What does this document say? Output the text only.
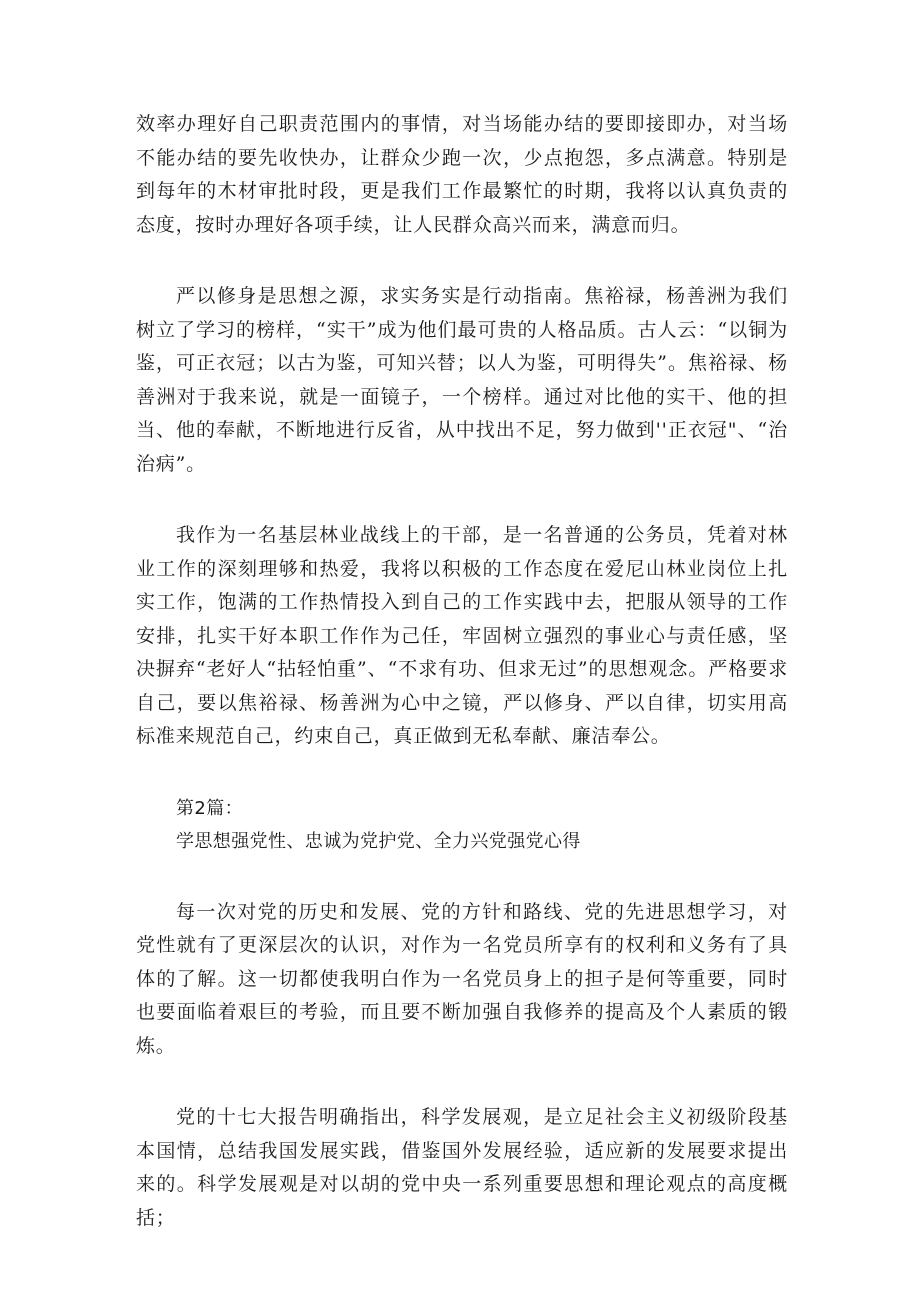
效率办理好自己职责范围内的事情，对当场能办结的要即接即办，对当场不能办结的要先收快办，让群众少跑一次，少点抱怨，多点满意。特别是到每年的木材审批时段，更是我们工作最繁忙的时期，我将以认真负责的态度，按时办理好各项手续，让人民群众高兴而来，满意而归。

严以修身是思想之源，求实务实是行动指南。焦裕禄，杨善洲为我们树立了学习的榜样，“实干”成为他们最可贵的人格品质。古人云：“以铜为鉴，可正衣冠；以古为鉴，可知兴替；以人为鉴，可明得失”。焦裕禄、杨善洲对于我来说，就是一面镜子，一个榜样。通过对比他的实干、他的担当、他的奉献，不断地进行反省，从中找出不足，努力做到''正衣冠"、“治治病”。

我作为一名基层林业战线上的干部，是一名普通的公务员，凭着对林业工作的深刻理够和热爱，我将以积极的工作态度在爱尼山林业岗位上扎实工作，饱满的工作热情投入到自己的工作实践中去，把服从领导的工作安排，扎实干好本职工作作为己任，牢固树立强烈的事业心与责任感，坚决摒弃“老好人“拈轻怕重”、“不求有功、但求无过”的思想观念。严格要求自己，要以焦裕禄、杨善洲为心中之镜，严以修身、严以自律，切实用高标准来规范自己，约束自己，真正做到无私奉献、廉洁奉公。

第2篇：
学思想强党性、忠诚为党护党、全力兴党强党心得

每一次对党的历史和发展、党的方针和路线、党的先进思想学习，对党性就有了更深层次的认识，对作为一名党员所享有的权利和义务有了具体的了解。这一切都使我明白作为一名党员身上的担子是何等重要，同时也要面临着艰巨的考验，而且要不断加强自我修养的提高及个人素质的锻炼。

党的十七大报告明确指出，科学发展观，是立足社会主义初级阶段基本国情，总结我国发展实践，借鉴国外发展经验，适应新的发展要求提出来的。科学发展观是对以胡的党中央一系列重要思想和理论观点的高度概括；
